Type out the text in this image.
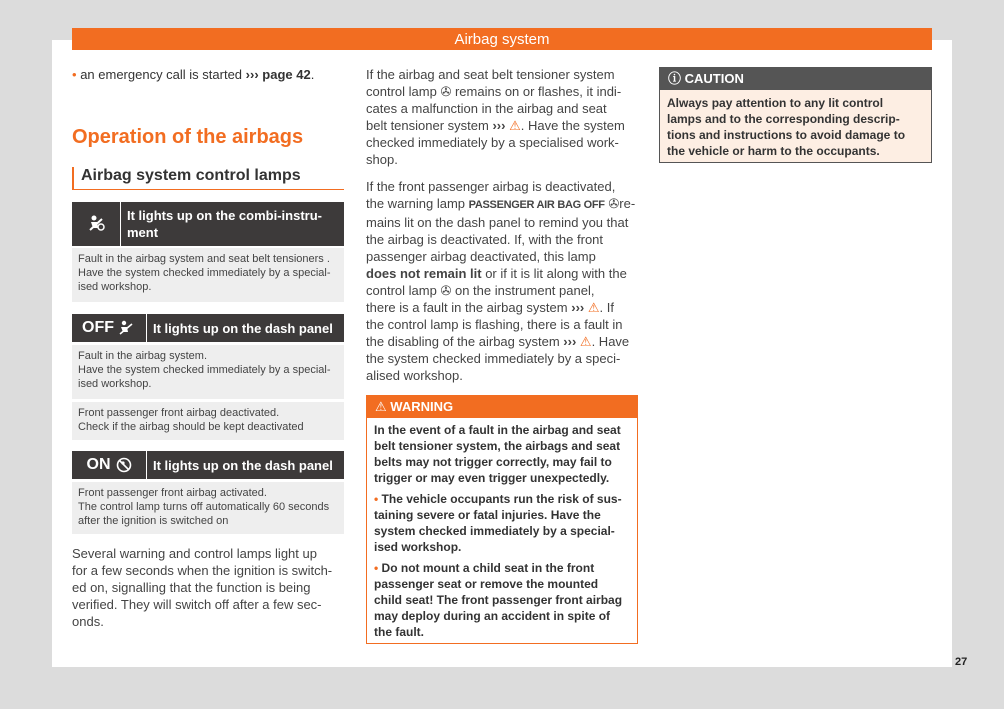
Airbag system

• an emergency call is started ››› page 42.

Operation of the airbags
Airbag system control lamps
It lights up on the combi-instru-
ment
Fault in the airbag system and seat belt tensioners .
Have the system checked immediately by a special-
ised workshop.
OFF	It lights up on the dash panel
Fault in the airbag system.
Have the system checked immediately by a special-
ised workshop.
Front passenger front airbag deactivated.
Check if the airbag should be kept deactivated
ON	It lights up on the dash panel
Front passenger front airbag activated.
The control lamp turns off automatically 60 seconds
after the ignition is switched on

Several warning and control lamps light up
for a few seconds when the ignition is switch-
ed on, signalling that the function is being
verified. They will switch off after a few sec-
onds.

If the airbag and seat belt tensioner system
control lamp ✇ remains on or flashes, it indi-
cates a malfunction in the airbag and seat
belt tensioner system ››› ⚠. Have the system
checked immediately by a specialised work-
shop.

If the front passenger airbag is deactivated,
the warning lamp PASSENGER AIR BAG OFF ✇re-
mains lit on the dash panel to remind you that
the airbag is deactivated. If, with the front
passenger airbag deactivated, this lamp
does not remain lit or if it is lit along with the
control lamp ✇ on the instrument panel,
there is a fault in the airbag system ››› ⚠. If
the control lamp is flashing, there is a fault in
the disabling of the airbag system ››› ⚠. Have
the system checked immediately by a speci-
alised workshop.

⚠ WARNING

In the event of a fault in the airbag and seat
belt tensioner system, the airbags and seat
belts may not trigger correctly, may fail to
trigger or may even trigger unexpectedly.

• The vehicle occupants run the risk of sus-
taining severe or fatal injuries. Have the
system checked immediately by a special-
ised workshop.

• Do not mount a child seat in the front
passenger seat or remove the mounted
child seat! The front passenger front airbag
may deploy during an accident in spite of
the fault.

ⓘ CAUTION
Always pay attention to any lit control
lamps and to the corresponding descrip-
tions and instructions to avoid damage to
the vehicle or harm to the occupants.
27
